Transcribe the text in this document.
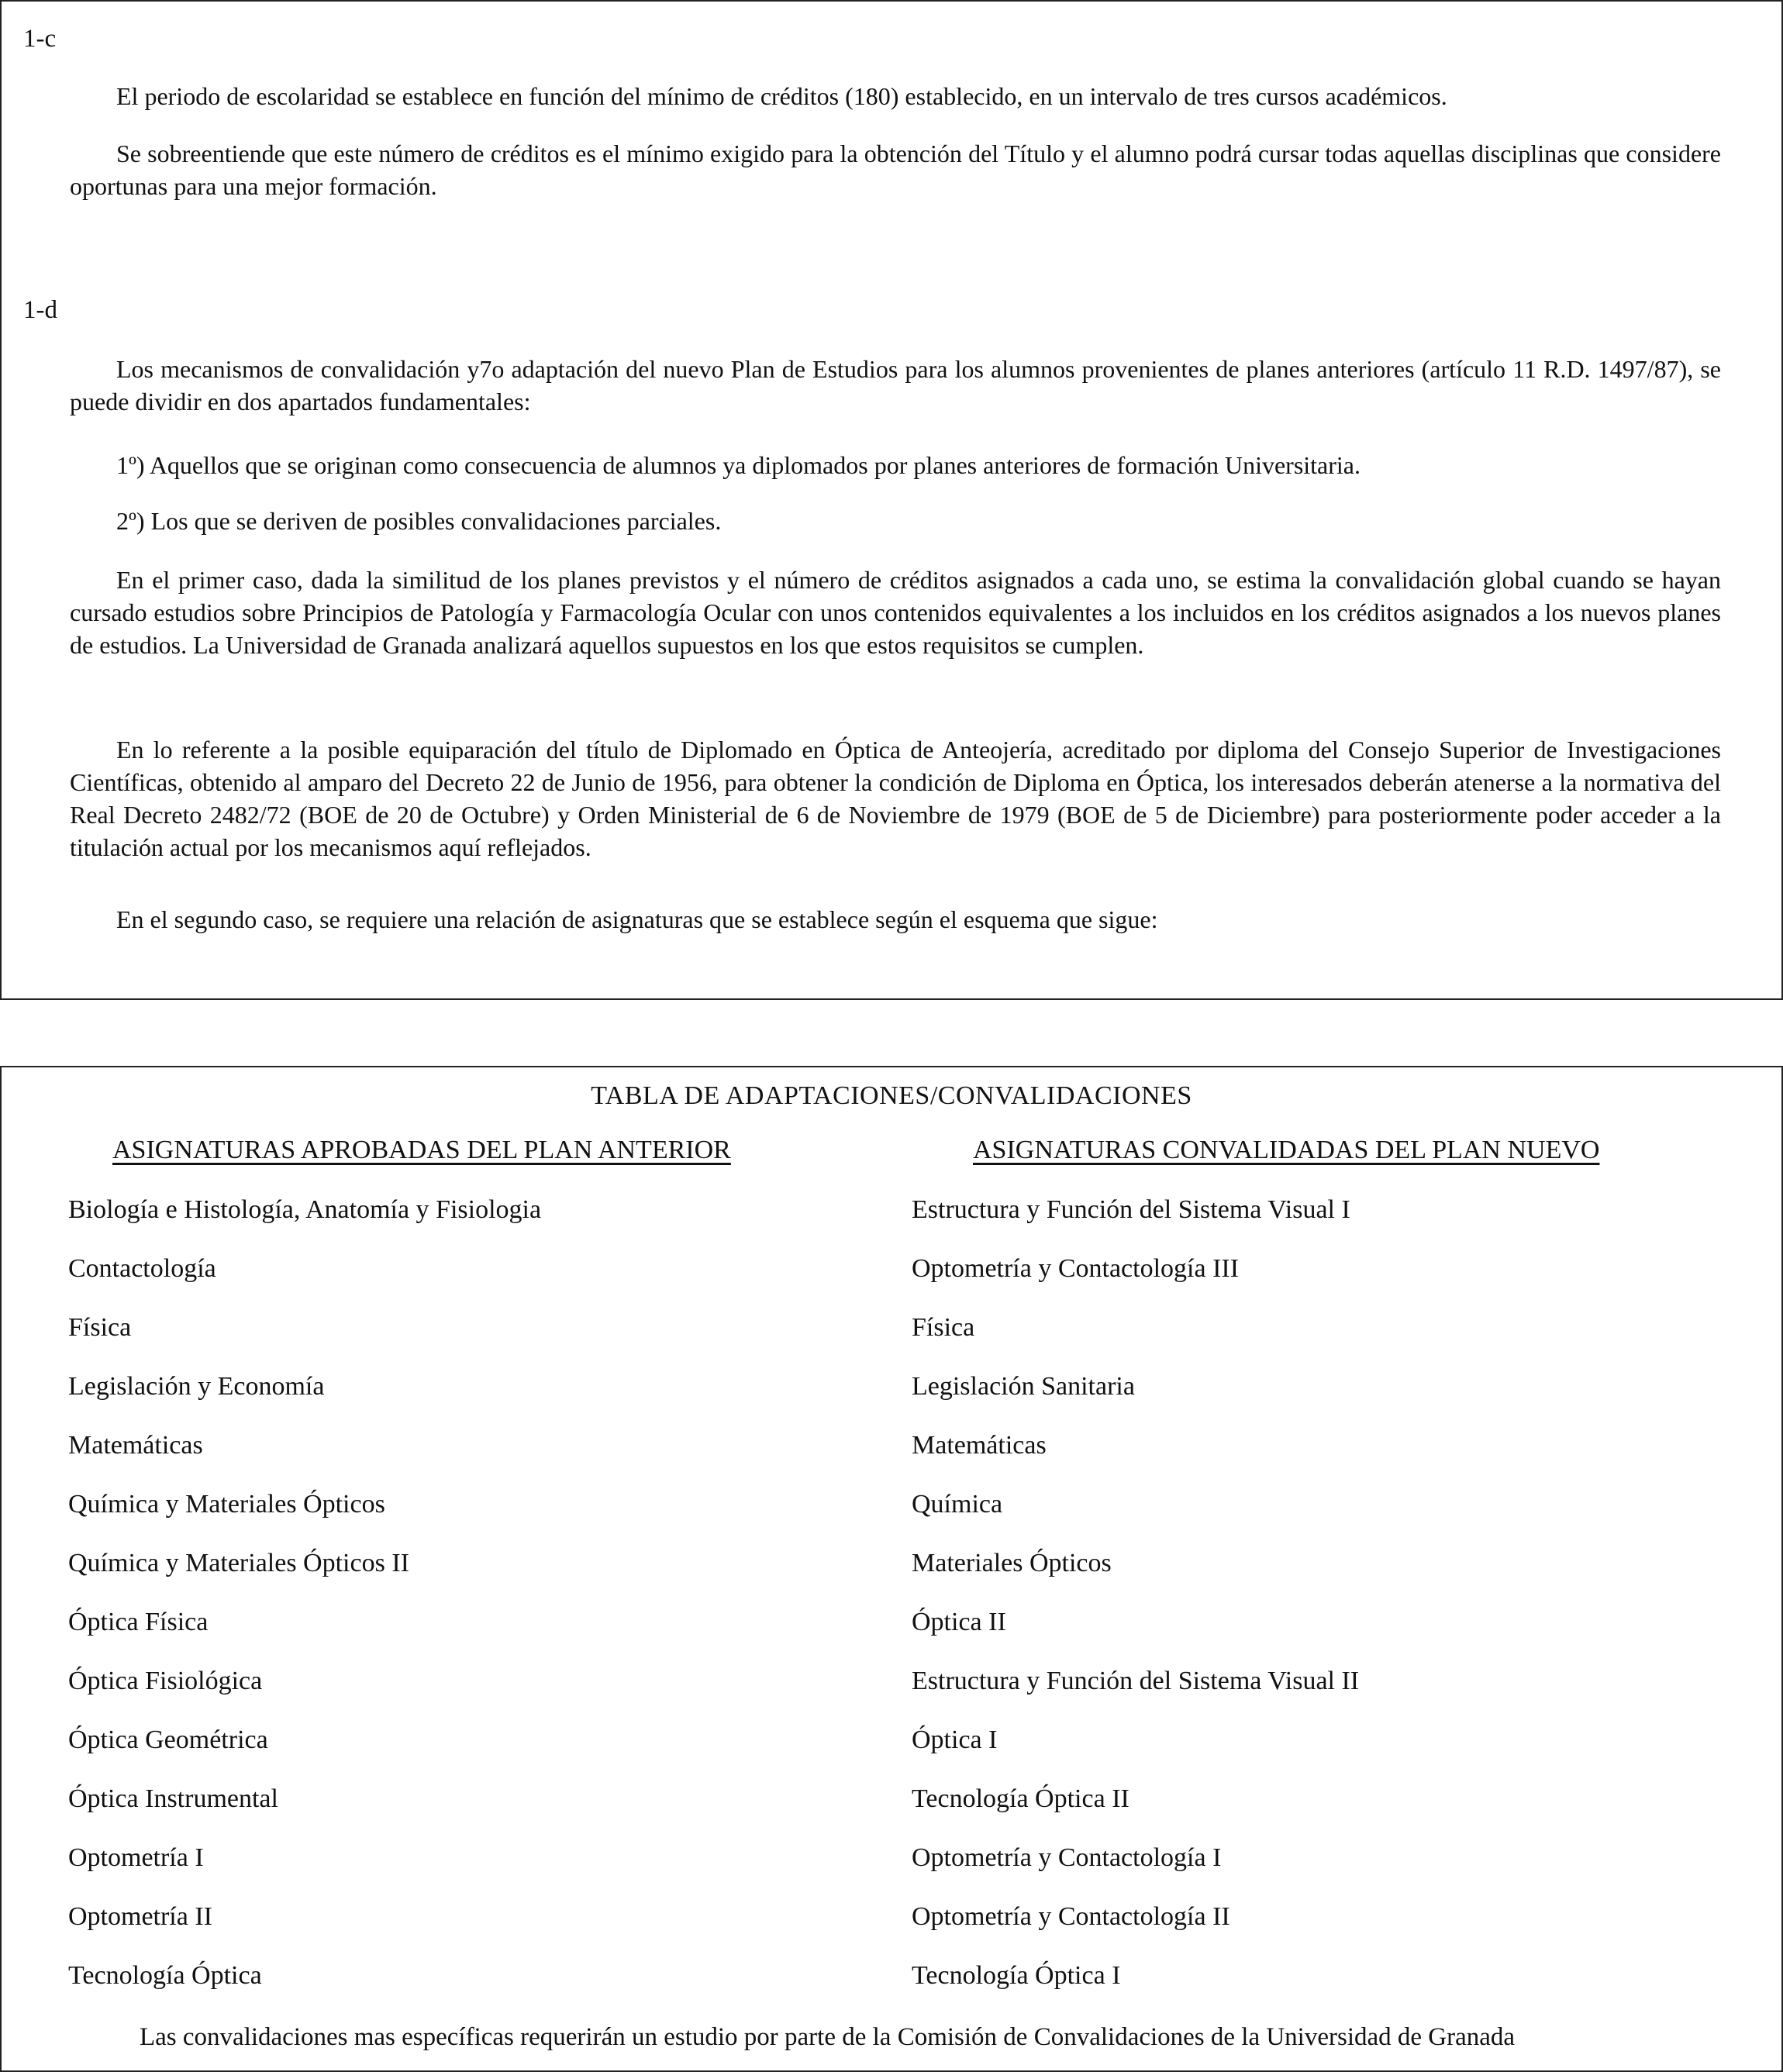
1-c

El periodo de escolaridad se establece en función del mínimo de créditos (180) establecido, en un intervalo de tres cursos académicos.

Se sobreentiende que este número de créditos es el mínimo exigido para la obtención del Título y el alumno podrá cursar todas aquellas disciplinas que considere oportunas para una mejor formación.

1-d

Los mecanismos de convalidación y7o adaptación del nuevo Plan de Estudios para los alumnos provenientes de planes anteriores (artículo 11 R.D. 1497/87), se puede dividir en dos apartados fundamentales:

1º) Aquellos que se originan como consecuencia de alumnos ya diplomados por planes anteriores de formación Universitaria.

2º) Los que se deriven de posibles convalidaciones parciales.

En el primer caso, dada la similitud de los planes previstos y el número de créditos asignados a cada uno, se estima la convalidación global cuando se hayan cursado estudios sobre Principios de Patología y Farmacología Ocular con unos contenidos equivalentes a los incluidos en los créditos asignados a los nuevos planes de estudios. La Universidad de Granada analizará aquellos supuestos en los que estos requisitos se cumplen.

En lo referente a la posible equiparación del título de Diplomado en Óptica de Anteojería, acreditado por diploma del Consejo Superior de Investigaciones Científicas, obtenido al amparo del Decreto 22 de Junio de 1956, para obtener la condición de Diploma en Óptica, los interesados deberán atenerse a la normativa del Real Decreto 2482/72 (BOE de 20 de Octubre) y Orden Ministerial de 6 de Noviembre de 1979 (BOE de 5 de Diciembre) para posteriormente poder acceder a la titulación actual por los mecanismos aquí reflejados.

En el segundo caso, se requiere una relación de asignaturas que se establece según el esquema que sigue:

TABLA DE ADAPTACIONES/CONVALIDACIONES
ASIGNATURAS APROBADAS DEL PLAN ANTERIOR	ASIGNATURAS CONVALIDADAS DEL PLAN NUEVO
Biología e Histología, Anatomía y Fisiologia	Estructura y Función del Sistema Visual I
Contactología	Optometría y Contactología III
Física	Física
Legislación y Economía	Legislación Sanitaria
Matemáticas	Matemáticas
Química y Materiales Ópticos	Química
Química y Materiales Ópticos II	Materiales Ópticos
Óptica Física	Óptica II
Óptica Fisiológica	Estructura y Función del Sistema Visual II
Óptica Geométrica	Óptica I
Óptica Instrumental	Tecnología Óptica II
Optometría I	Optometría y Contactología I
Optometría II	Optometría y Contactología II
Tecnología Óptica	Tecnología Óptica I
Las convalidaciones mas específicas requerirán un estudio por parte de la Comisión de Convalidaciones de la Universidad de Granada
